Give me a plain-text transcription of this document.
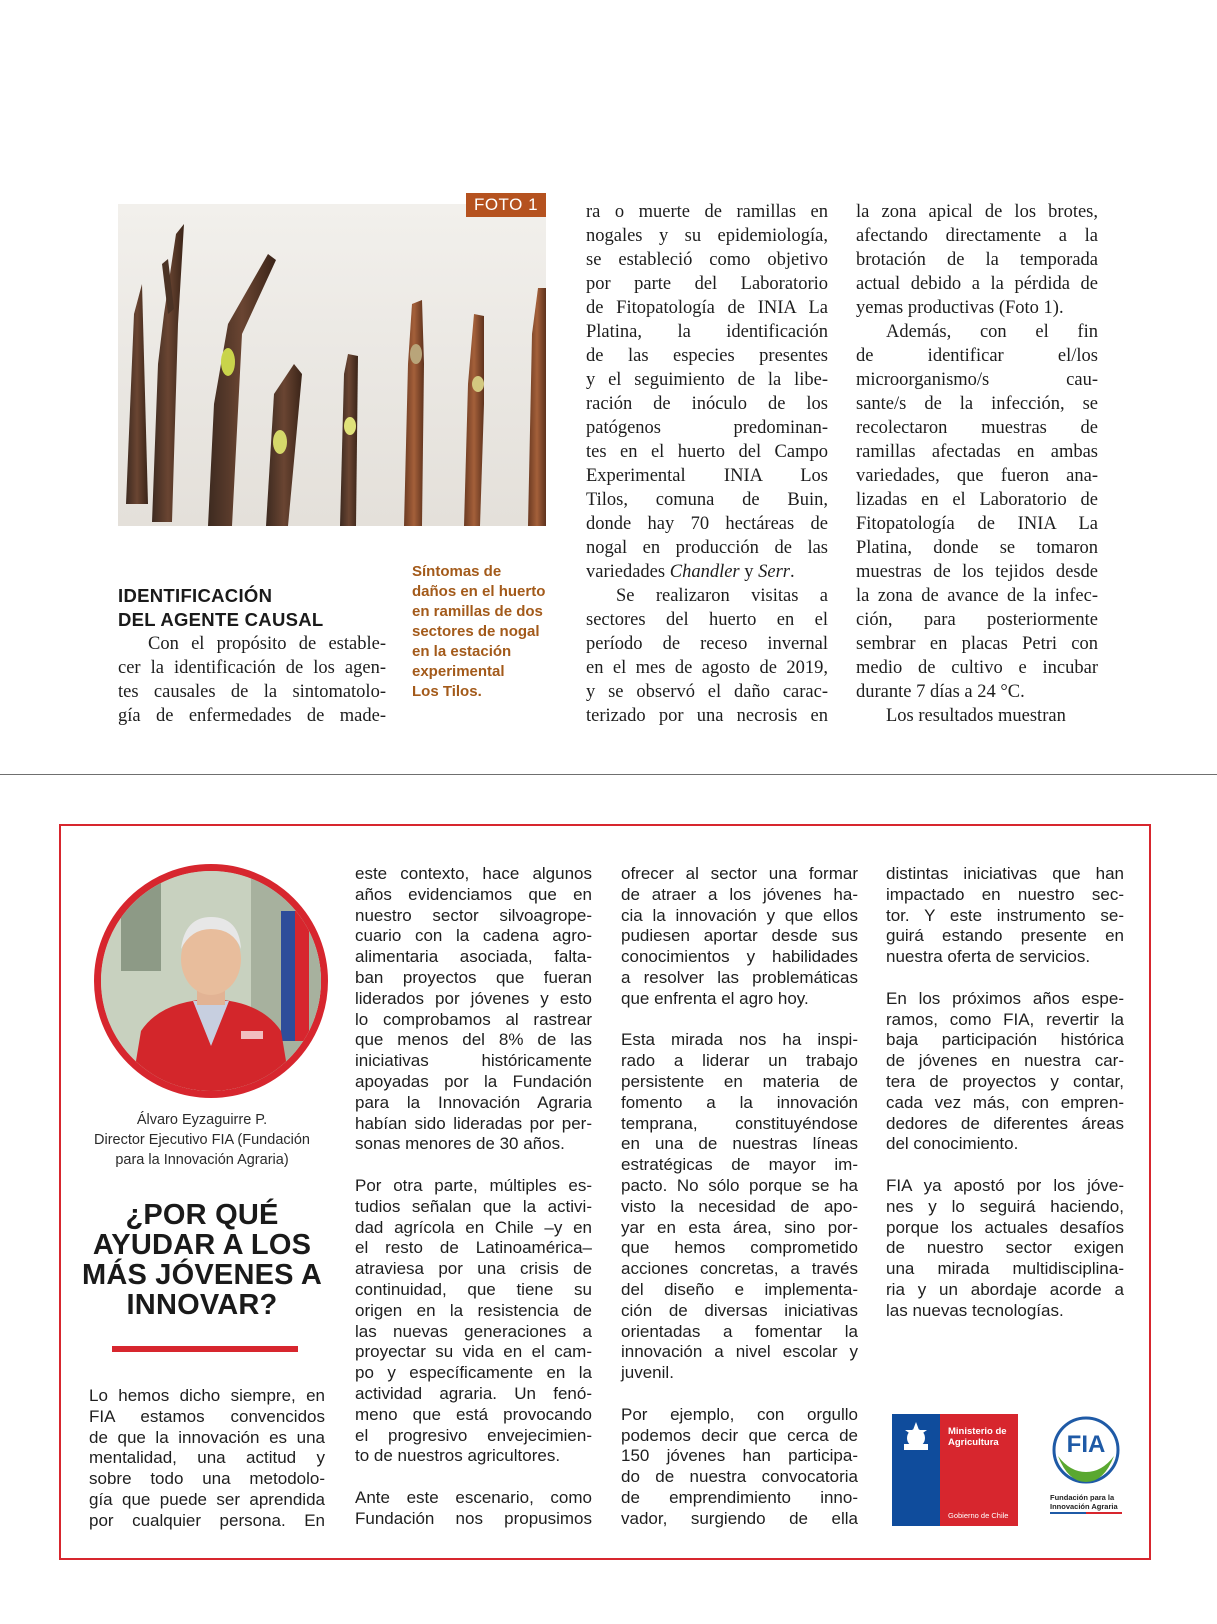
FOTO 1
Síntomas de
daños en el huerto
en ramillas de dos
sectores de nogal
en la estación
experimental
Los Tilos.
IDENTIFICACIÓN
DEL AGENTE CAUSAL
Con el propósito de estable-
cer la identificación de los agen-
tes causales de la sintomatolo-
gía de enfermedades de made-
ra o muerte de ramillas en
nogales y su epidemiología,
se estableció como objetivo
por parte del Laboratorio
de Fitopatología de INIA La
Platina, la identificación
de las especies presentes
y el seguimiento de la libe-
ración de inóculo de los
patógenos predominan-
tes en el huerto del Campo
Experimental INIA Los
Tilos, comuna de Buin,
donde hay 70 hectáreas de
nogal en producción de las
variedades Chandler y Serr.
Se realizaron visitas a
sectores del huerto en el
período de receso invernal
en el mes de agosto de 2019,
y se observó el daño carac-
terizado por una necrosis en
la zona apical de los brotes,
afectando directamente a la
brotación de la temporada
actual debido a la pérdida de
yemas productivas (Foto 1).
Además, con el fin
de identificar el/los
microorganismo/s cau-
sante/s de la infección, se
recolectaron muestras de
ramillas afectadas en ambas
variedades, que fueron ana-
lizadas en el Laboratorio de
Fitopatología de INIA La
Platina, donde se tomaron
muestras de los tejidos desde
la zona de avance de la infec-
ción, para posteriormente
sembrar en placas Petri con
medio de cultivo e incubar
durante 7 días a 24 °C.
Los resultados muestran
Álvaro Eyzaguirre P.
Director Ejecutivo FIA (Fundación
para la Innovación Agraria)
¿POR QUÉ
AYUDAR A LOS
MÁS JÓVENES A
INNOVAR?

Lo hemos dicho siempre, en
FIA estamos convencidos
de que la innovación es una
mentalidad, una actitud y
sobre todo una metodolo-
gía que puede ser aprendida
por cualquier persona. En

este contexto, hace algunos
años evidenciamos que en
nuestro sector silvoagrope-
cuario con la cadena agro-
alimentaria asociada, falta-
ban proyectos que fueran
liderados por jóvenes y esto
lo comprobamos al rastrear
que menos del 8% de las
iniciativas históricamente
apoyadas por la Fundación
para la Innovación Agraria
habían sido lideradas por per-
sonas menores de 30 años.

Por otra parte, múltiples es-
tudios señalan que la activi-
dad agrícola en Chile –y en
el resto de Latinoamérica–
atraviesa por una crisis de
continuidad, que tiene su
origen en la resistencia de
las nuevas generaciones a
proyectar su vida en el cam-
po y específicamente en la
actividad agraria. Un fenó-
meno que está provocando
el progresivo envejecimien-
to de nuestros agricultores.

Ante este escenario, como
Fundación nos propusimos

ofrecer al sector una formar
de atraer a los jóvenes ha-
cia la innovación y que ellos
pudiesen aportar desde sus
conocimientos y habilidades
a resolver las problemáticas
que enfrenta el agro hoy.

Esta mirada nos ha inspi-
rado a liderar un trabajo
persistente en materia de
fomento a la innovación
temprana, constituyéndose
en una de nuestras líneas
estratégicas de mayor im-
pacto. No sólo porque se ha
visto la necesidad de apo-
yar en esta área, sino por-
que hemos comprometido
acciones concretas, a través
del diseño e implementa-
ción de diversas iniciativas
orientadas a fomentar la
innovación a nivel escolar y
juvenil.

Por ejemplo, con orgullo
podemos decir que cerca de
150 jóvenes han participa-
do de nuestra convocatoria
de emprendimiento inno-
vador, surgiendo de ella

distintas iniciativas que han
impactado en nuestro sec-
tor. Y este instrumento se-
guirá estando presente en
nuestra oferta de servicios.

En los próximos años espe-
ramos, como FIA, revertir la
baja participación histórica
de jóvenes en nuestra car-
tera de proyectos y contar,
cada vez más, con empren-
dedores de diferentes áreas
del conocimiento.

FIA ya apostó por los jóve-
nes y lo seguirá haciendo,
porque los actuales desafíos
de nuestro sector exigen
una mirada multidisciplina-
ria y un abordaje acorde a
las nuevas tecnologías.

Ministerio de
Agricultura
Gobierno de Chile
FIA
Fundación para la
Innovación Agraria
